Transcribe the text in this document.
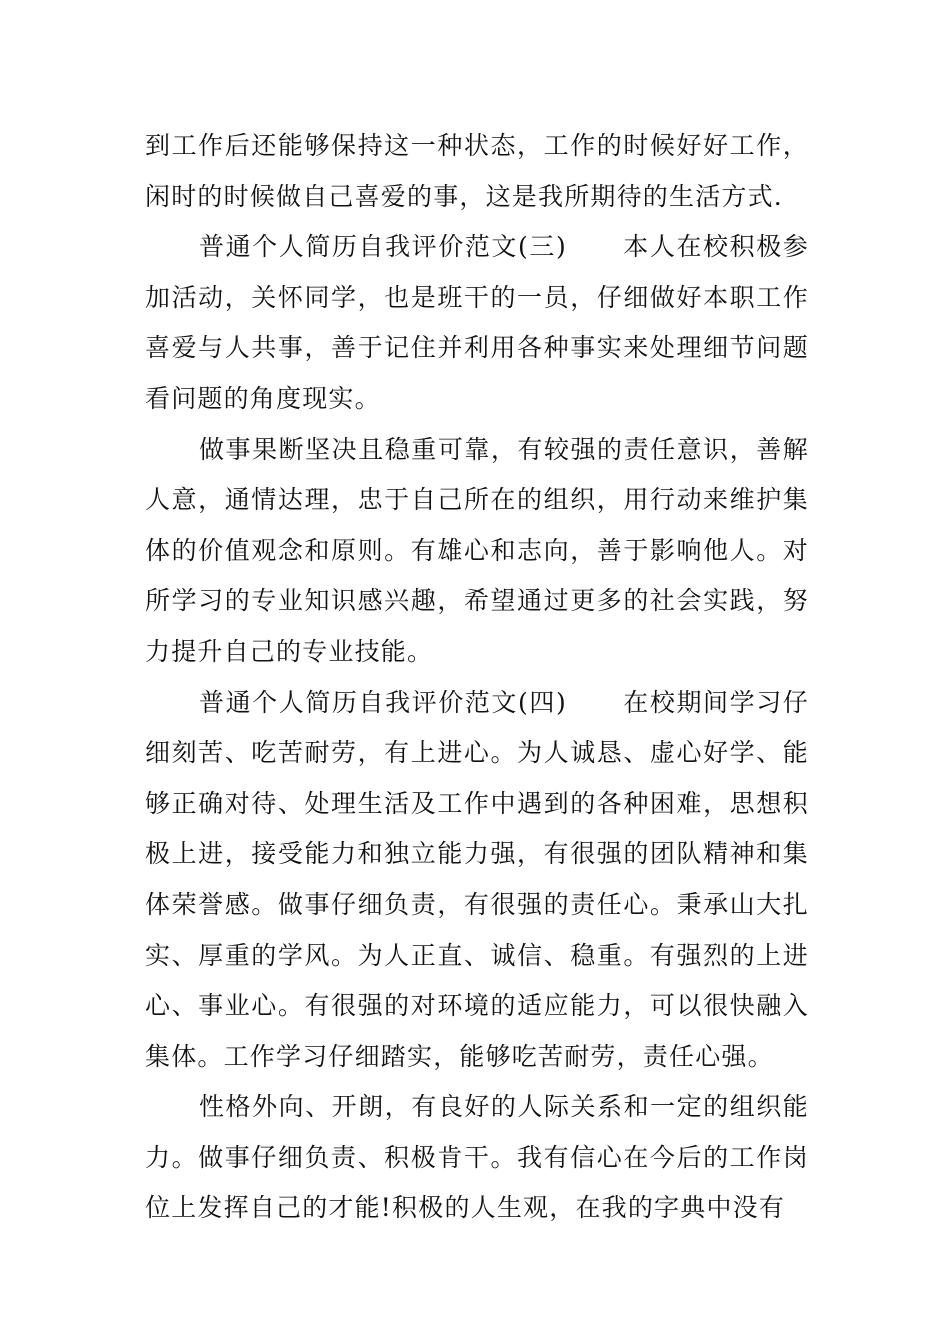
到工作后还能够保持这一种状态，工作的时候好好工作，闲时的时候做自己喜爱的事，这是我所期待的生活方式.

普通个人简历自我评价范文(三) 本人在校积极参加活动，关怀同学，也是班干的一员，仔细做好本职工作喜爱与人共事，善于记住并利用各种事实来处理细节问题看问题的角度现实。

做事果断坚决且稳重可靠，有较强的责任意识，善解人意，通情达理，忠于自己所在的组织，用行动来维护集体的价值观念和原则。有雄心和志向，善于影响他人。对所学习的专业知识感兴趣，希望通过更多的社会实践，努力提升自己的专业技能。

普通个人简历自我评价范文(四) 在校期间学习仔细刻苦、吃苦耐劳，有上进心。为人诚恳、虚心好学、能够正确对待、处理生活及工作中遇到的各种困难，思想积极上进，接受能力和独立能力强，有很强的团队精神和集体荣誉感。做事仔细负责，有很强的责任心。秉承山大扎实、厚重的学风。为人正直、诚信、稳重。有强烈的上进心、事业心。有很强的对环境的适应能力，可以很快融入集体。工作学习仔细踏实，能够吃苦耐劳，责任心强。

性格外向、开朗，有良好的人际关系和一定的组织能力。做事仔细负责、积极肯干。我有信心在今后的工作岗位上发挥自己的才能!积极的人生观，在我的字典中没有
